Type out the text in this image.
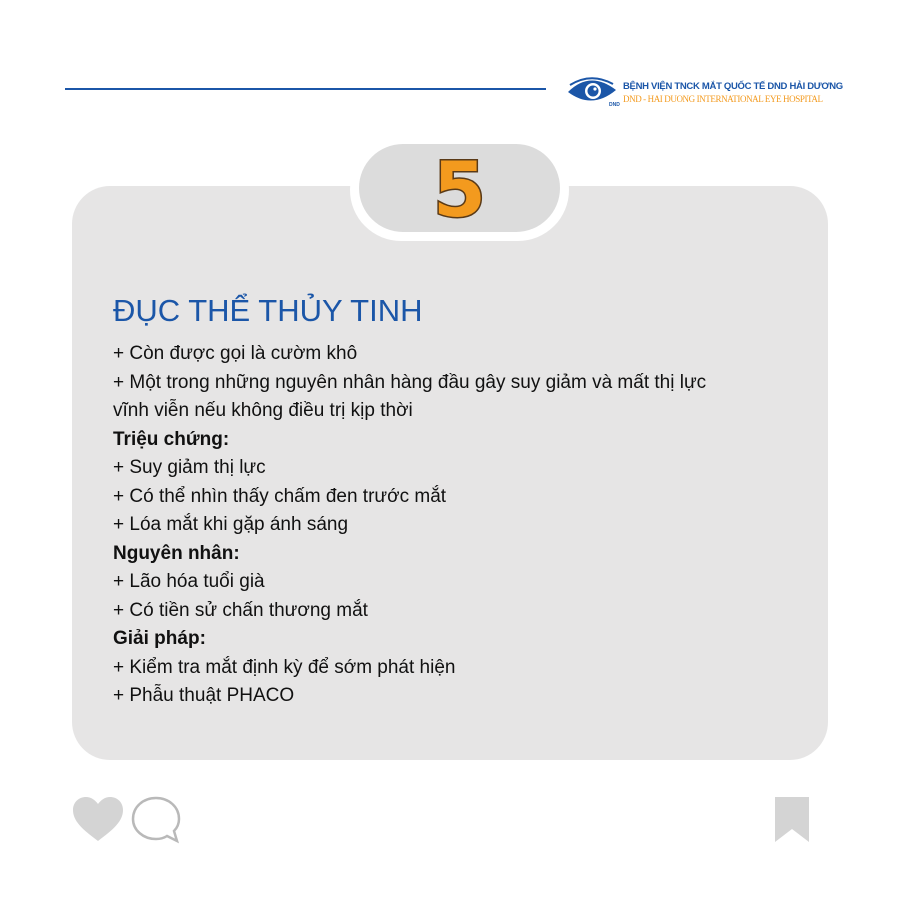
DND
BỆNH VIỆN TNCK MẮT QUỐC TẾ DND HẢI DƯƠNG
DND - HAI DUONG INTERNATIONAL EYE HOSPITAL
5
ĐỤC THỂ THỦY TINH

+ Còn được gọi là cườm khô

+ Một trong những nguyên nhân hàng đầu gây suy giảm và mất thị lực

vĩnh viễn nếu không điều trị kịp thời

Triệu chứng:

+ Suy giảm thị lực

+ Có thể nhìn thấy chấm đen trước mắt

+ Lóa mắt khi gặp ánh sáng

Nguyên nhân:

+ Lão hóa tuổi già

+ Có tiền sử chấn thương mắt

Giải pháp:

+ Kiểm tra mắt định kỳ để sớm phát hiện

+ Phẫu thuật PHACO
